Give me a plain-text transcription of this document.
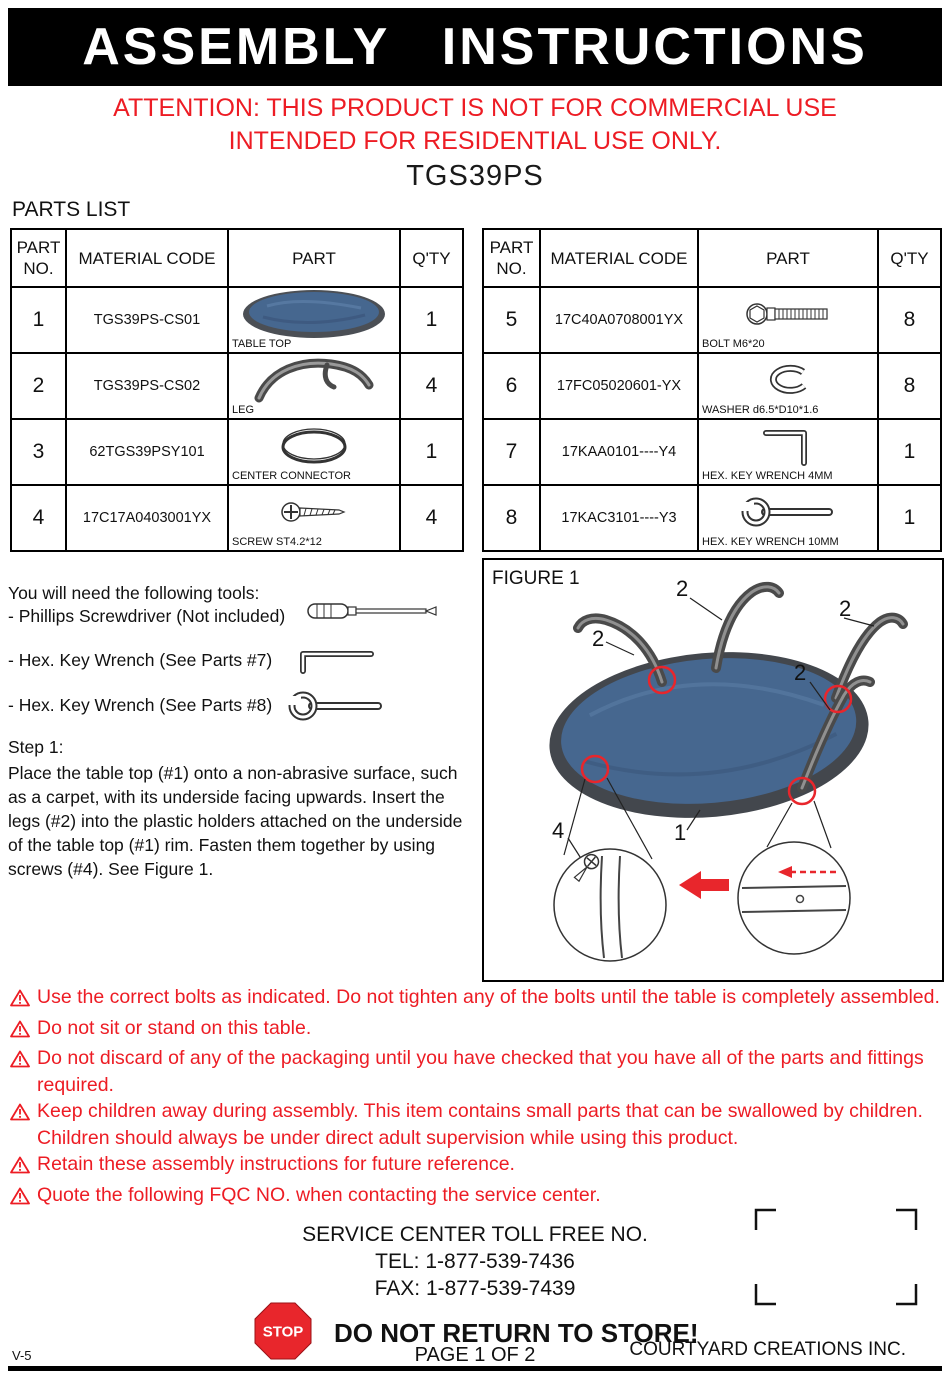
ASSEMBLY   INSTRUCTIONS
ATTENTION: THIS PRODUCT IS NOT FOR COMMERCIAL USE
INTENDED FOR RESIDENTIAL USE ONLY.
TGS39PS
PARTS LIST
PART NO.	MATERIAL CODE	PART	Q'TY
1	TGS39PS-CS01	TABLE TOP	1
2	TGS39PS-CS02	LEG	4
3	62TGS39PSY101	CENTER CONNECTOR	1
4	17C17A0403001YX	SCREW ST4.2*12	4
PART NO.	MATERIAL CODE	PART	Q'TY
5	17C40A0708001YX	BOLT M6*20	8
6	17FC05020601-YX	WASHER d6.5*D10*1.6	8
7	17KAA0101----Y4	HEX. KEY WRENCH 4MM	1
8	17KAC3101----Y3	HEX. KEY WRENCH 10MM	1
You will need the following tools:
- Phillips Screwdriver (Not included)
- Hex. Key Wrench (See Parts #7)
- Hex. Key Wrench (See Parts #8)
Step 1:
Place the table top (#1) onto a non-abrasive surface, such as a carpet, with its underside facing upwards. Insert the legs (#2) into the plastic holders attached on the underside of the table top (#1) rim. Fasten them together by using screws (#4). See Figure 1.
2
2
2
2
4	1
FIGURE 1
Use the correct bolts as indicated. Do not tighten any of the bolts until the table is completely assembled.
Do not sit or stand on this table.
Do not discard of any of the packaging until you have checked that you have all of the parts and fittings required.
Keep children away during assembly. This item contains small parts that can be swallowed by children. Children should always be under direct adult supervision while using this product.
Retain these assembly instructions for future reference.
Quote the following FQC NO. when contacting the service center.
SERVICE CENTER TOLL FREE NO.
TEL: 1-877-539-7436
FAX: 1-877-539-7439
STOP DO NOT RETURN TO STORE!
PAGE 1 OF 2	COURTYARD CREATIONS INC.
V-5
